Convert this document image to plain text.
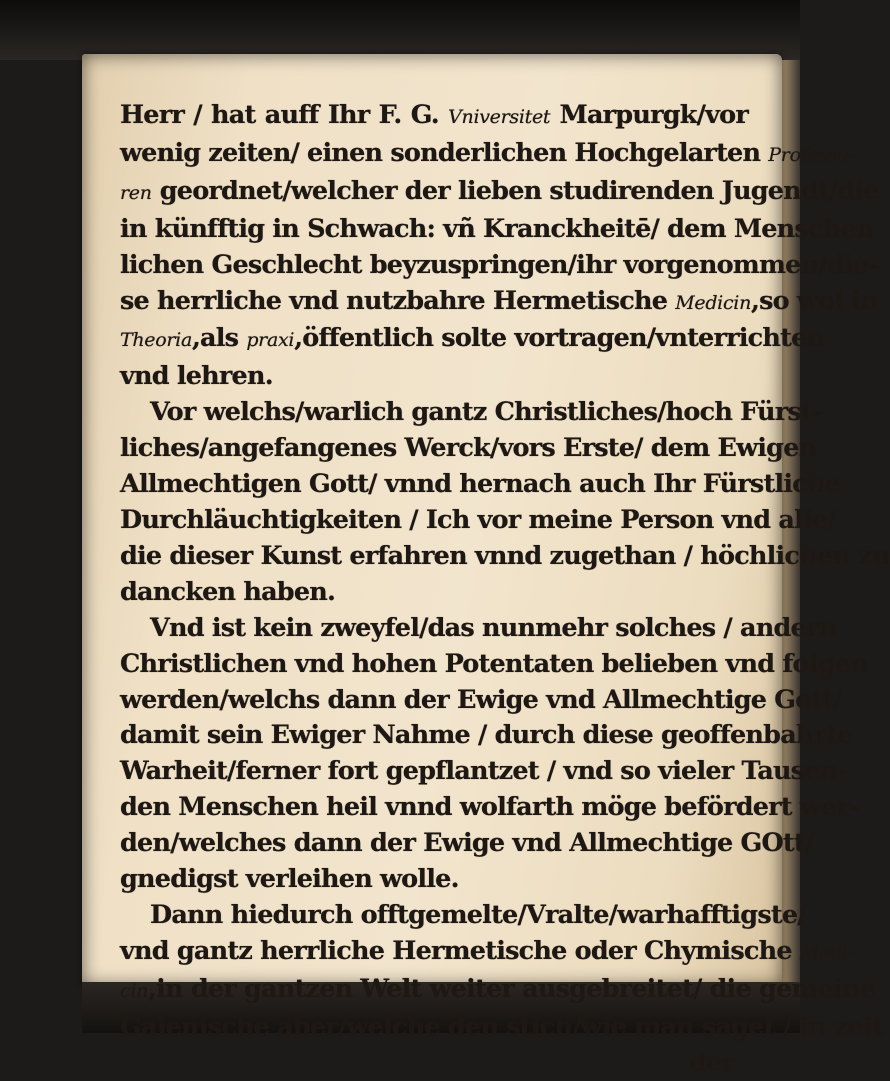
Herr / hat auff Ihr F. G. Vniversitet Marpurgk/vor
wenig zeiten/ einen sonderlichen Hochgelarten Professo-
ren geordnet/welcher der lieben studirenden Jugendt/die
in künfftig in Schwach: vñ Kranckheitē/ dem Menschen
lichen Geschlecht beyzuspringen/ihr vorgenommen/die-
se herrliche vnd nutzbahre Hermetische Medicin,so wol in
Theoria,als praxi,öffentlich solte vortragen/vnterrichten
vnd lehren.
Vor welchs/warlich gantz Christliches/hoch Fürst-
liches/angefangenes Werck/vors Erste/ dem Ewigen
Allmechtigen Gott/ vnnd hernach auch Ihr Fürstliche
Durchläuchtigkeiten / Ich vor meine Person vnd alle/
die dieser Kunst erfahren vnnd zugethan / höchlichen zu
dancken haben.
Vnd ist kein zweyfel/das nunmehr solches / andern
Christlichen vnd hohen Potentaten belieben vnd folgen
werden/welchs dann der Ewige vnd Allmechtige Gott/
damit sein Ewiger Nahme / durch diese geoffenbahrte
Warheit/ferner fort gepflantzet / vnd so vieler Tausen-
den Menschen heil vnnd wolfarth möge befördert wer-
den/welches dann der Ewige vnd Allmechtige GOtt/
gnedigst verleihen wolle.
Dann hiedurch offtgemelte/Vralte/warhafftigste/
vnd gantz herrliche Hermetische oder Chymische Medi-
cin,in der gantzen Welt weiter ausgebreitet/ die gemeine
Galenische aber/welche den stich/wie man saget / in zeit
der
